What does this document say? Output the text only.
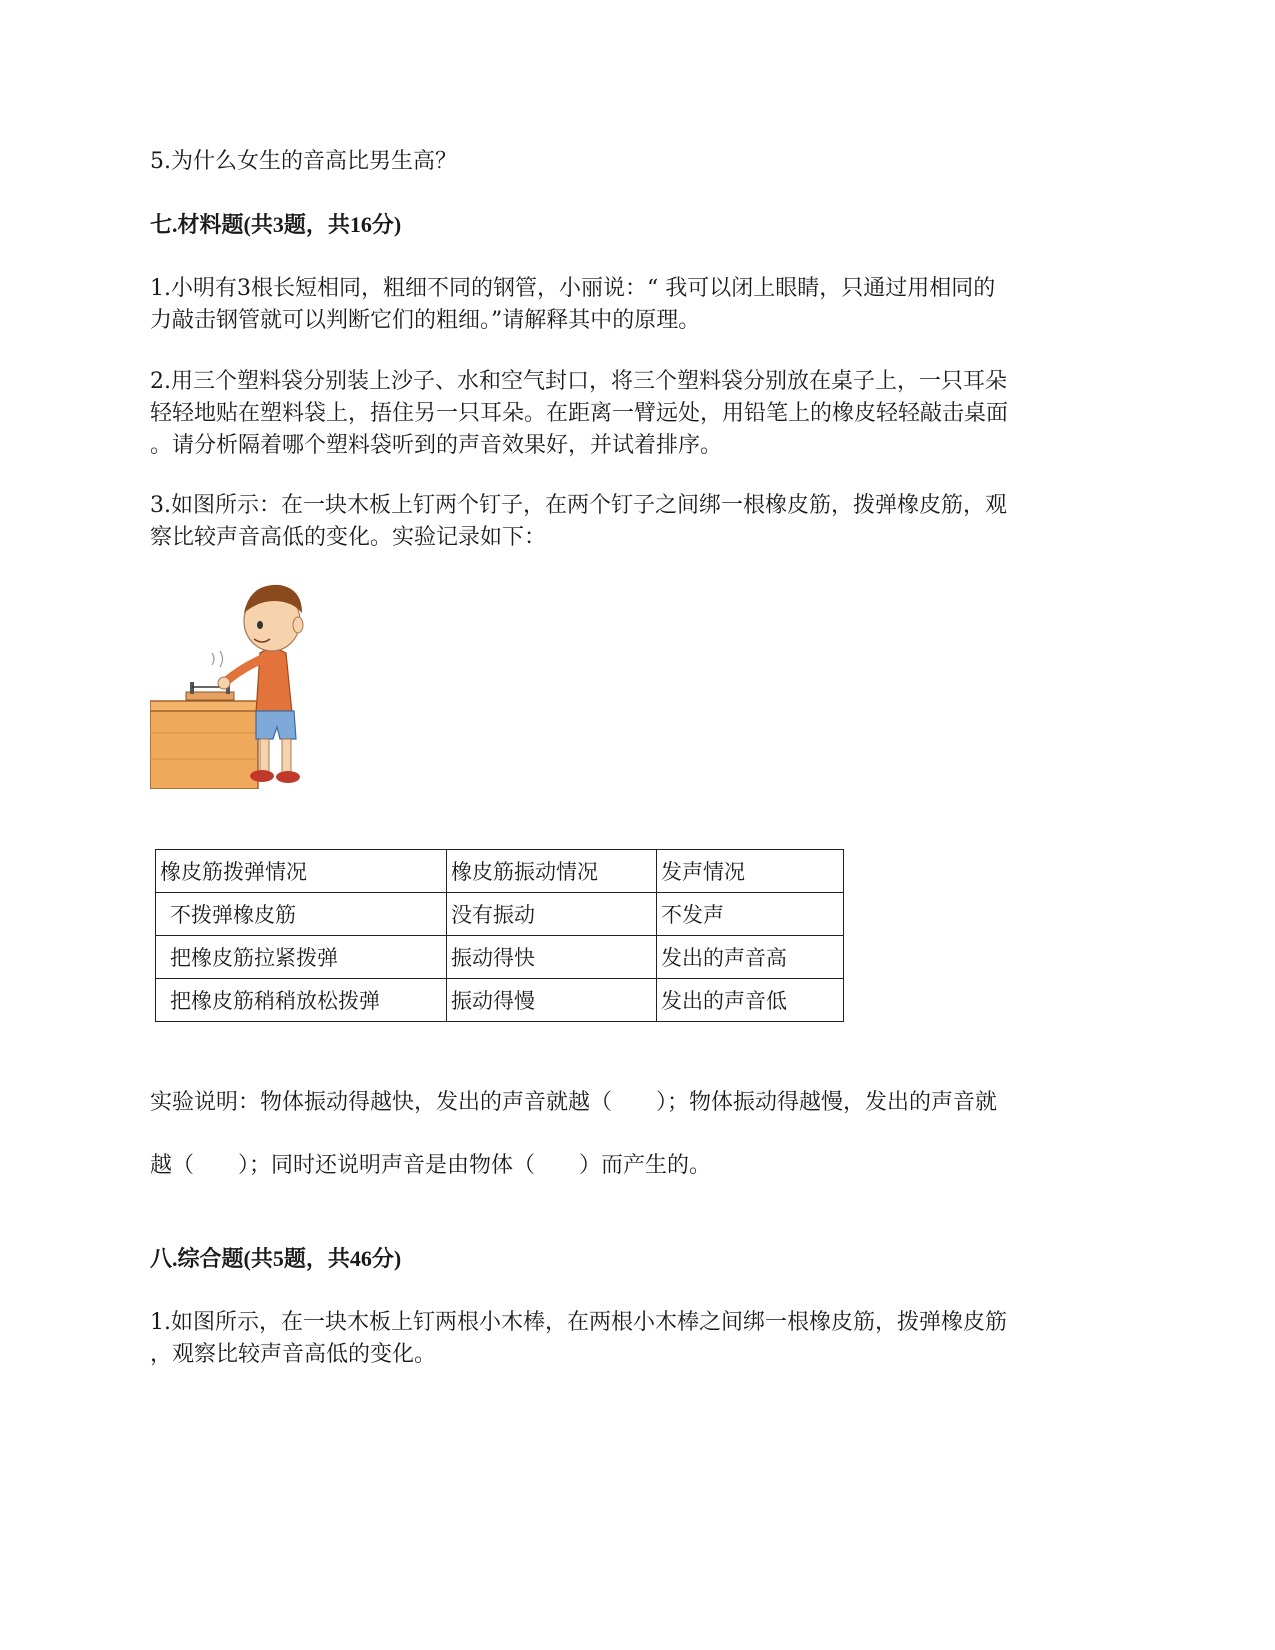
5.为什么女生的音高比男生高？

七.材料题(共3题，共16分)

1.小明有3根长短相同，粗细不同的钢管，小丽说：“ 我可以闭上眼睛，只通过用相同的

力敲击钢管就可以判断它们的粗细。”请解释其中的原理。

2.用三个塑料袋分别装上沙子、水和空气封口，将三个塑料袋分别放在桌子上，一只耳朵

轻轻地贴在塑料袋上，捂住另一只耳朵。在距离一臂远处，用铅笔上的橡皮轻轻敲击桌面

。请分析隔着哪个塑料袋听到的声音效果好，并试着排序。

3.如图所示：在一块木板上钉两个钉子，在两个钉子之间绑一根橡皮筋，拨弹橡皮筋，观

察比较声音高低的变化。实验记录如下：

橡皮筋拨弹情况	橡皮筋振动情况	发声情况
不拨弹橡皮筋	没有振动	不发声
把橡皮筋拉紧拨弹	振动得快	发出的声音高
把橡皮筋稍稍放松拨弹	振动得慢	发出的声音低

实验说明：物体振动得越快，发出的声音就越（　　）；物体振动得越慢，发出的声音就

越（　　）；同时还说明声音是由物体（　　）而产生的。

八.综合题(共5题，共46分)

1.如图所示，在一块木板上钉两根小木棒，在两根小木棒之间绑一根橡皮筋，拨弹橡皮筋

，观察比较声音高低的变化。
